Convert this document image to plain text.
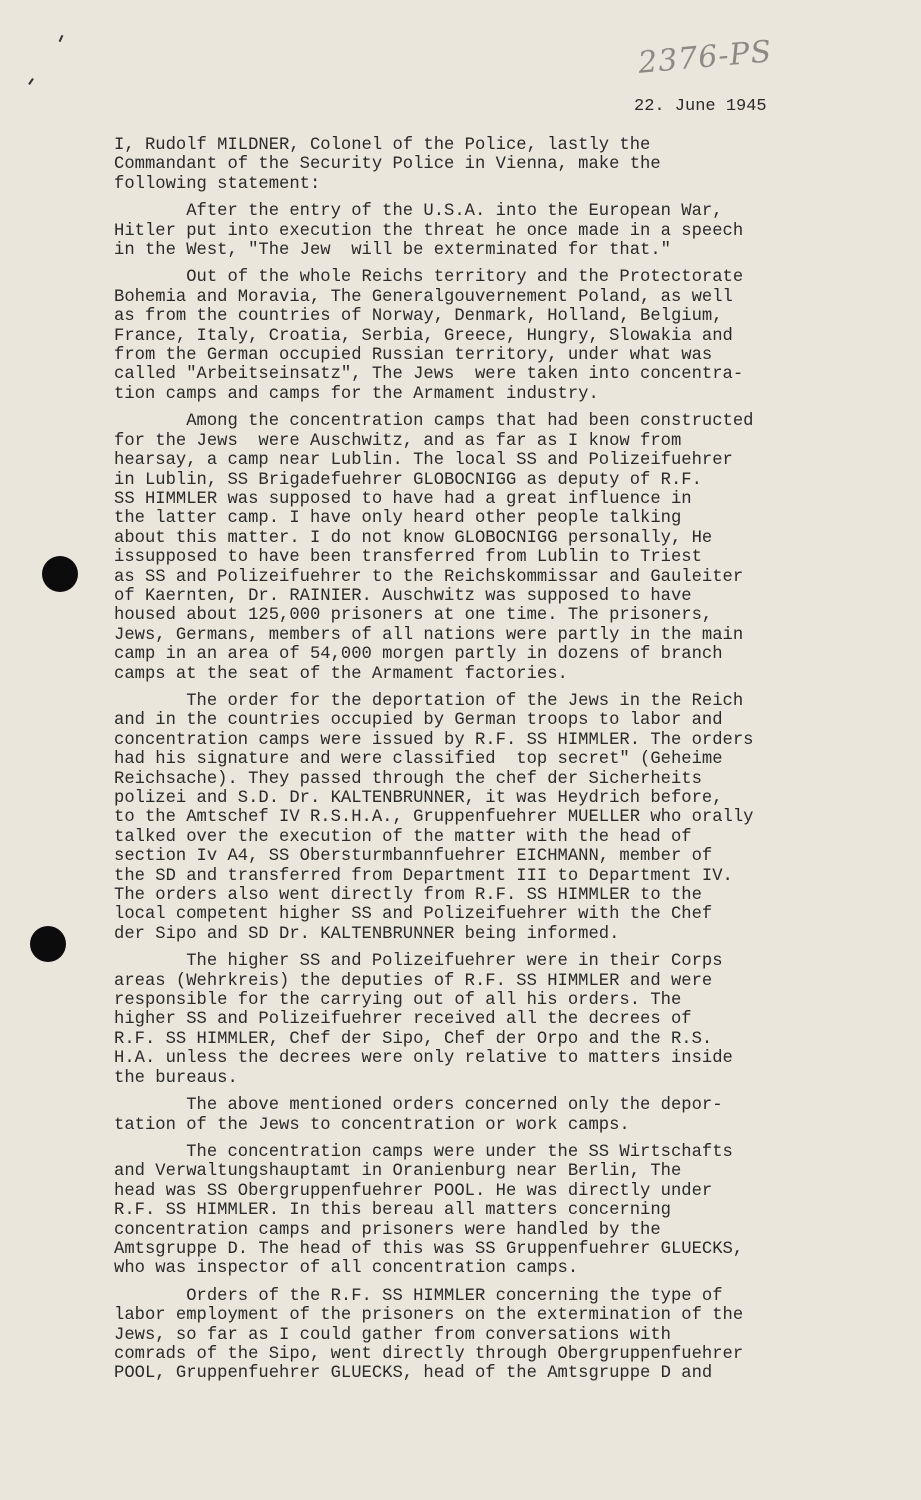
2376-PS
22. June 1945

I, Rudolf MILDNER, Colonel of the Police, lastly the
Commandant of the Security Police in Vienna, make the
following statement:

After the entry of the U.S.A. into the European War,
Hitler put into execution the threat he once made in a speech
in the West, "The Jew  will be exterminated for that."

Out of the whole Reichs territory and the Protectorate
Bohemia and Moravia, The Generalgouvernement Poland, as well
as from the countries of Norway, Denmark, Holland, Belgium,
France, Italy, Croatia, Serbia, Greece, Hungry, Slowakia and
from the German occupied Russian territory, under what was
called "Arbeitseinsatz", The Jews  were taken into concentra-
tion camps and camps for the Armament industry.

Among the concentration camps that had been constructed
for the Jews  were Auschwitz, and as far as I know from
hearsay, a camp near Lublin. The local SS and Polizeifuehrer
in Lublin, SS Brigadefuehrer GLOBOCNIGG as deputy of R.F.
SS HIMMLER was supposed to have had a great influence in
the latter camp. I have only heard other people talking
about this matter. I do not know GLOBOCNIGG personally, He
issupposed to have been transferred from Lublin to Triest
as SS and Polizeifuehrer to the Reichskommissar and Gauleiter
of Kaernten, Dr. RAINIER. Auschwitz was supposed to have
housed about 125,000 prisoners at one time. The prisoners,
Jews, Germans, members of all nations were partly in the main
camp in an area of 54,000 morgen partly in dozens of branch
camps at the seat of the Armament factories.

The order for the deportation of the Jews in the Reich
and in the countries occupied by German troops to labor and
concentration camps were issued by R.F. SS HIMMLER. The orders
had his signature and were classified  top secret" (Geheime
Reichsache). They passed through the chef der Sicherheits
polizei and S.D. Dr. KALTENBRUNNER, it was Heydrich before,
to the Amtschef IV R.S.H.A., Gruppenfuehrer MUELLER who orally
talked over the execution of the matter with the head of
section Iv A4, SS Obersturmbannfuehrer EICHMANN, member of
the SD and transferred from Department III to Department IV.
The orders also went directly from R.F. SS HIMMLER to the
local competent higher SS and Polizeifuehrer with the Chef
der Sipo and SD Dr. KALTENBRUNNER being informed.

The higher SS and Polizeifuehrer were in their Corps
areas (Wehrkreis) the deputies of R.F. SS HIMMLER and were
responsible for the carrying out of all his orders. The
higher SS and Polizeifuehrer received all the decrees of
R.F. SS HIMMLER, Chef der Sipo, Chef der Orpo and the R.S.
H.A. unless the decrees were only relative to matters inside
the bureaus.

The above mentioned orders concerned only the depor-
tation of the Jews to concentration or work camps.

The concentration camps were under the SS Wirtschafts
and Verwaltungshauptamt in Oranienburg near Berlin, The
head was SS Obergruppenfuehrer POOL. He was directly under
R.F. SS HIMMLER. In this bereau all matters concerning
concentration camps and prisoners were handled by the
Amtsgruppe D. The head of this was SS Gruppenfuehrer GLUECKS,
who was inspector of all concentration camps.

Orders of the R.F. SS HIMMLER concerning the type of
labor employment of the prisoners on the extermination of the
Jews, so far as I could gather from conversations with
comrads of the Sipo, went directly through Obergruppenfuehrer
POOL, Gruppenfuehrer GLUECKS, head of the Amtsgruppe D and
